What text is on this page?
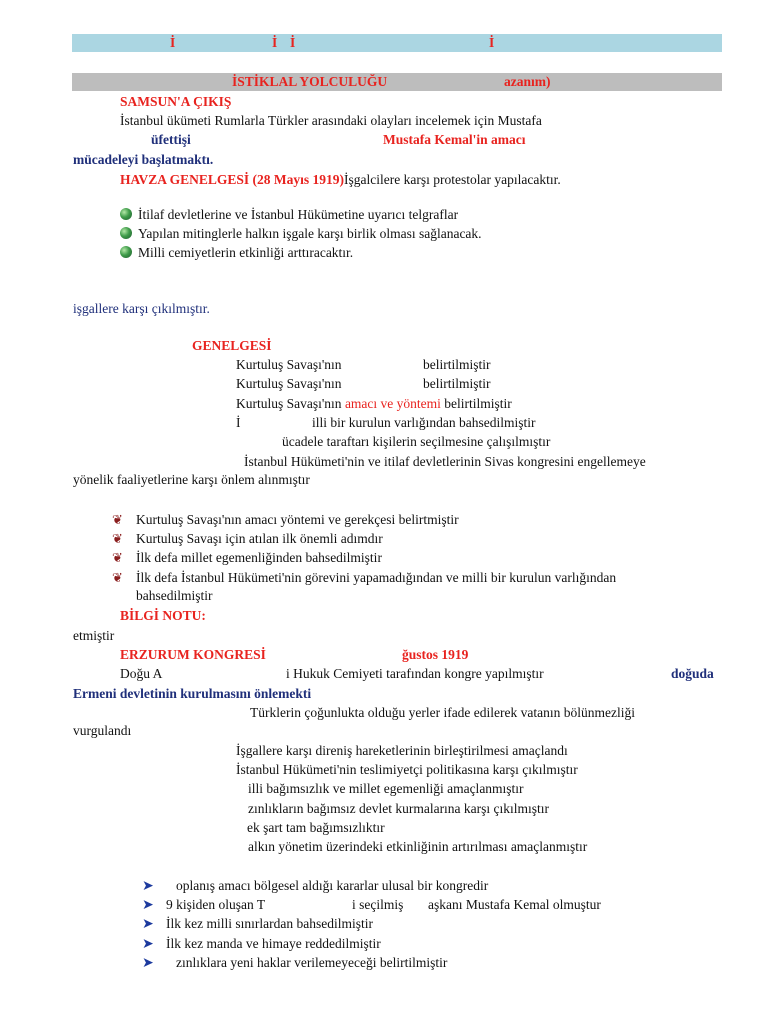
İ	İ İ	İ
İSTİKLAL YOLCULUĞU	azanım)
SAMSUN'A ÇIKIŞ
İstanbul ükümeti Rumlarla Türkler arasındaki olayları incelemek için Mustafa
üfettişi	Mustafa Kemal'in amacı
mücadeleyi başlatmaktı.
HAVZA GENELGESİ (28 Mayıs 1919)İşgalcilere karşı protestolar yapılacaktır.
İtilaf devletlerine ve İstanbul Hükümetine uyarıcı telgraflar
Yapılan mitinglerle halkın işgale karşı birlik olması sağlanacak.
Milli cemiyetlerin etkinliği arttıracaktır.
işgallere karşı çıkılmıştır.
GENELGESİ
Kurtuluş Savaşı'nın	belirtilmiştir
Kurtuluş Savaşı'nın	belirtilmiştir
Kurtuluş Savaşı'nın amacı ve yöntemi belirtilmiştir
İ	illi bir kurulun varlığından bahsedilmiştir
ücadele taraftarı kişilerin seçilmesine çalışılmıştır
İstanbul Hükümeti'nin ve itilaf devletlerinin Sivas kongresini engellemeye
yönelik faaliyetlerine karşı önlem alınmıştır
❦ Kurtuluş Savaşı'nın amacı yöntemi ve gerekçesi belirtmiştir
❦ Kurtuluş Savaşı için atılan ilk önemli adımdır
❦ İlk defa millet egemenliğinden bahsedilmiştir
❦ İlk defa İstanbul Hükümeti'nin görevini yapamadığından ve milli bir kurulun varlığından
bahsedilmiştir
BİLGİ NOTU:
etmiştir
ERZURUM KONGRESİ	ğustos 1919
Doğu A	i Hukuk Cemiyeti tarafından kongre yapılmıştır	doğuda
Ermeni devletinin kurulmasını önlemekti
Türklerin çoğunlukta olduğu yerler ifade edilerek vatanın bölünmezliği
vurgulandı
İşgallere karşı direniş hareketlerinin birleştirilmesi amaçlandı
İstanbul Hükümeti'nin teslimiyetçi politikasına karşı çıkılmıştır
illi bağımsızlık ve millet egemenliği amaçlanmıştır
zınlıkların bağımsız devlet kurmalarına karşı çıkılmıştır
ek şart tam bağımsızlıktır
alkın yönetim üzerindeki etkinliğinin artırılması amaçlanmıştır
➤ oplanış amacı bölgesel aldığı kararlar ulusal bir kongredir
➤ 9 kişiden oluşan T	i seçilmiş aşkanı Mustafa Kemal olmuştur
➤ İlk kez milli sınırlardan bahsedilmiştir
➤ İlk kez manda ve himaye reddedilmiştir
➤ zınlıklara yeni haklar verilemeyeceği belirtilmiştir
